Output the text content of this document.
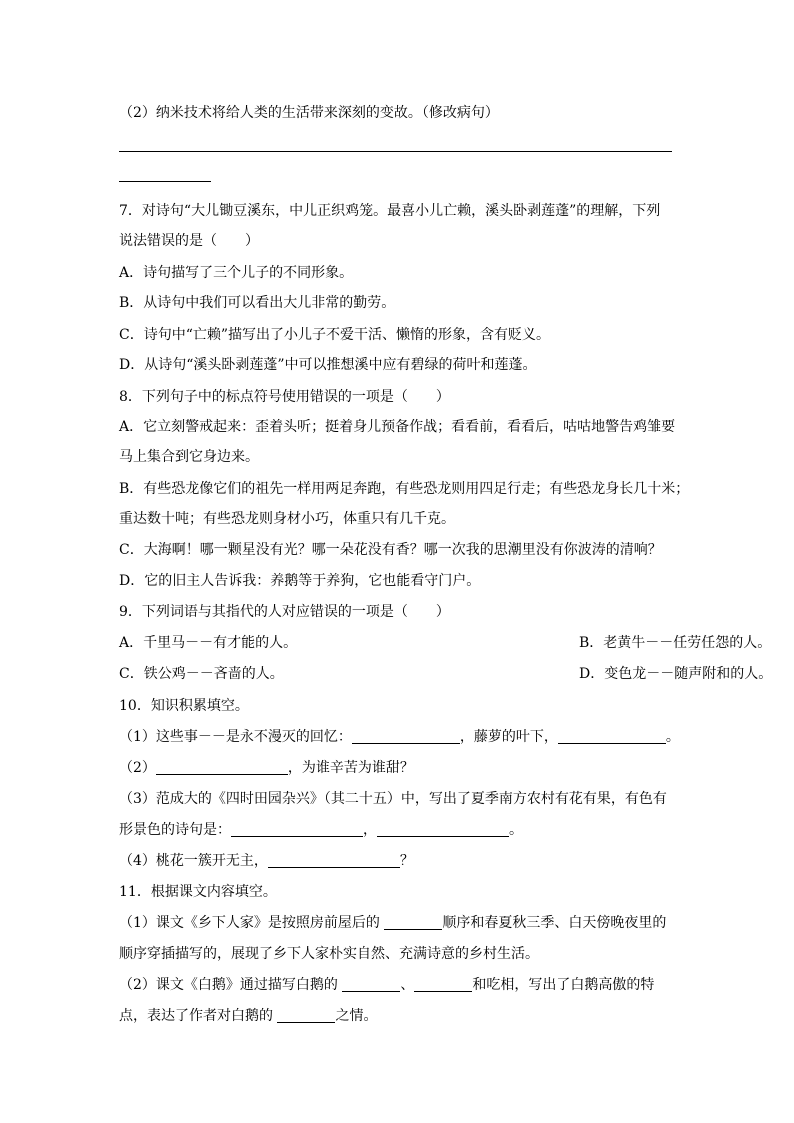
（2）纳米技术将给人类的生活带来深刻的变故。（修改病句）
7．对诗句“大儿锄豆溪东，中儿正织鸡笼。最喜小儿亡赖，溪头卧剥莲蓬”的理解，下列
说法错误的是（　　）
A．诗句描写了三个儿子的不同形象。
B．从诗句中我们可以看出大儿非常的勤劳。
C．诗句中“亡赖”描写出了小儿子不爱干活、懒惰的形象，含有贬义。
D．从诗句“溪头卧剥莲蓬”中可以推想溪中应有碧绿的荷叶和莲蓬。
8．下列句子中的标点符号使用错误的一项是（　　）
A．它立刻警戒起来：歪着头听；挺着身儿预备作战；看看前，看看后，咕咕地警告鸡雏要
马上集合到它身边来。
B．有些恐龙像它们的祖先一样用两足奔跑，有些恐龙则用四足行走；有些恐龙身长几十米；
重达数十吨；有些恐龙则身材小巧，体重只有几千克。
C．大海啊！哪一颗星没有光？哪一朵花没有香？哪一次我的思潮里没有你波涛的清响？
D．它的旧主人告诉我：养鹅等于养狗，它也能看守门户。
9．下列词语与其指代的人对应错误的一项是（　　）
A．千里马－－有才能的人。	B．老黄牛－－任劳任怨的人。
C．铁公鸡－－吝啬的人。	D．变色龙－－随声附和的人。
10．知识积累填空。
（1）这些事－－是永不漫灭的回忆：	，藤萝的叶下，	。
（2）	，为谁辛苦为谁甜？
（3）范成大的《四时田园杂兴》（其二十五）中，写出了夏季南方农村有花有果，有色有
形景色的诗句是：	，	。
（4）桃花一簇开无主，	？
11．根据课文内容填空。
（1）课文《乡下人家》是按照房前屋后的	顺序和春夏秋三季、白天傍晚夜里的
顺序穿插描写的，展现了乡下人家朴实自然、充满诗意的乡村生活。
（2）课文《白鹅》通过描写白鹅的	、	和吃相，写出了白鹅高傲的特
点，表达了作者对白鹅的	之情。
